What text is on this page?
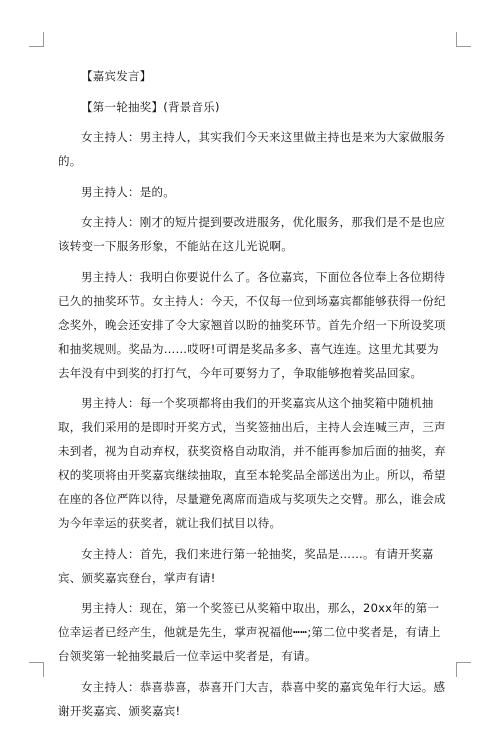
【嘉宾发言】

【第一轮抽奖】(背景音乐)

女主持人：男主持人，其实我们今天来这里做主持也是来为大家做服务的。

男主持人：是的。

女主持人：刚才的短片提到要改进服务，优化服务，那我们是不是也应该转变一下服务形象，不能站在这儿光说啊。

男主持人：我明白你要说什么了。各位嘉宾，下面位各位奉上各位期待已久的抽奖环节。女主持人：今天，不仅每一位到场嘉宾都能够获得一份纪念奖外，晚会还安排了令大家翘首以盼的抽奖环节。首先介绍一下所设奖项和抽奖规则。奖品为……哎呀!可谓是奖品多多、喜气连连。这里尤其要为去年没有中到奖的打打气，今年可要努力了，争取能够抱着奖品回家。

男主持人：每一个奖项都将由我们的开奖嘉宾从这个抽奖箱中随机抽取，我们采用的是即时开奖方式，当奖签抽出后，主持人会连喊三声，三声未到者，视为自动弃权，获奖资格自动取消，并不能再参加后面的抽奖，弃权的奖项将由开奖嘉宾继续抽取，直至本轮奖品全部送出为止。所以，希望在座的各位严阵以待，尽量避免离席而造成与奖项失之交臂。那么，谁会成为今年幸运的获奖者，就让我们拭目以待。

女主持人：首先，我们来进行第一轮抽奖，奖品是……。有请开奖嘉宾、颁奖嘉宾登台，掌声有请!

男主持人：现在，第一个奖签已从奖箱中取出，那么，20xx年的第一位幸运者已经产生，他就是先生，掌声祝福他┅┅;第二位中奖者是，有请上台领奖第一轮抽奖最后一位幸运中奖者是，有请。

女主持人：恭喜恭喜，恭喜开门大吉，恭喜中奖的嘉宾兔年行大运。感谢开奖嘉宾、颁奖嘉宾!
